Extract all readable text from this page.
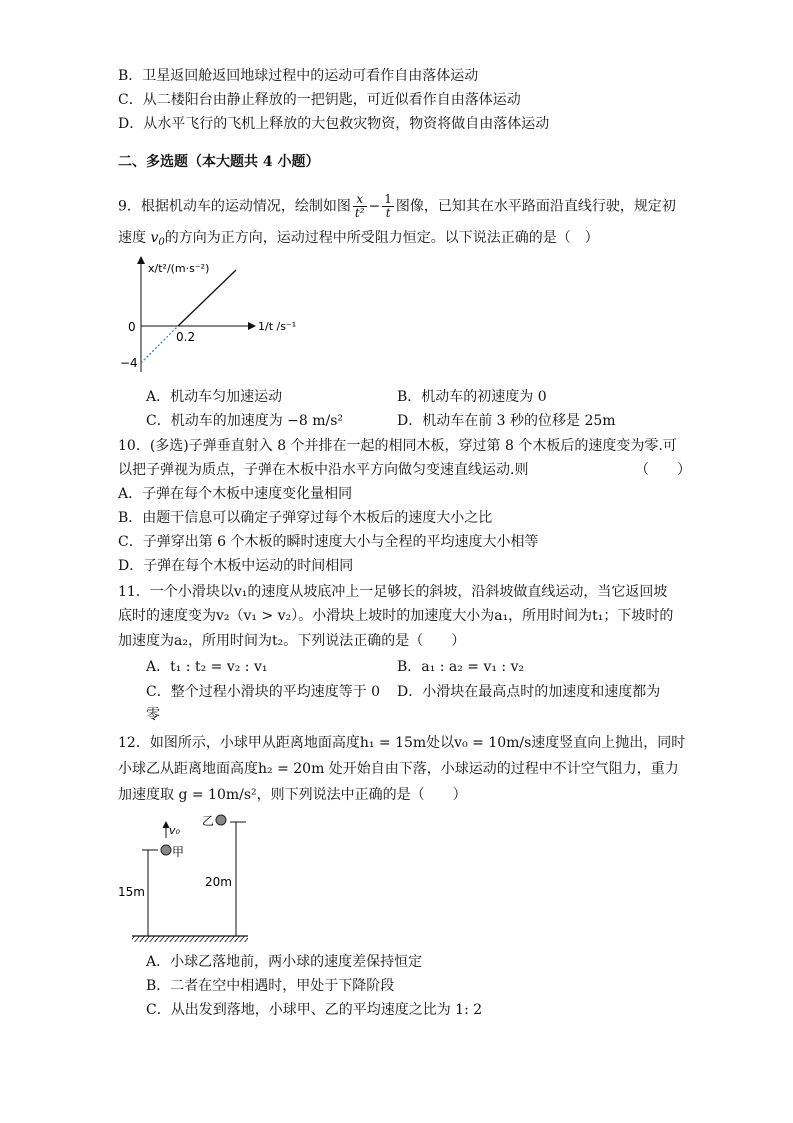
B．卫星返回舱返回地球过程中的运动可看作自由落体运动
C．从二楼阳台由静止释放的一把钥匙，可近似看作自由落体运动
D．从水平飞行的飞机上释放的大包救灾物资，物资将做自由落体运动
二、多选题（本大题共 4 小题）
9．根据机动车的运动情况，绘制如图 $\frac{x}{\text{t²}} - \frac{1}{t}$ 图像，已知其在水平路面沿直线行驶，规定初
速度 $v_0$的方向为正方向，运动过程中所受阻力恒定。以下说法正确的是（　）
x/t²/(m·s⁻²)
1/t /s⁻¹
0
0.2
−4
A．机动车匀加速运动	B．机动车的初速度为 0
C．机动车的加速度为 −8 m/s²	D．机动车在前 3 秒的位移是 25m
10．(多选)子弹垂直射入 8 个并排在一起的相同木板，穿过第 8 个木板后的速度变为零.可
以把子弹视为质点，子弹在木板中沿水平方向做匀变速直线运动.则	（　　）
A．子弹在每个木板中速度变化量相同
B．由题干信息可以确定子弹穿过每个木板后的速度大小之比
C．子弹穿出第 6 个木板的瞬时速度大小与全程的平均速度大小相等
D．子弹在每个木板中运动的时间相同
11．一个小滑块以v₁的速度从坡底冲上一足够长的斜坡，沿斜坡做直线运动，当它返回坡
底时的速度变为v₂（v₁ > v₂）。小滑块上坡时的加速度大小为a₁，所用时间为t₁；下坡时的
加速度为a₂，所用时间为t₂。下列说法正确的是（　　）
A．t₁ : t₂ = v₂ : v₁	B．a₁ : a₂ = v₁ : v₂
C．整个过程小滑块的平均速度等于 0 D．小滑块在最高点时的加速度和速度都为
零
12．如图所示，小球甲从距离地面高度h₁ = 15m处以v₀ = 10m/s速度竖直向上抛出，同时
小球乙从距离地面高度h₂ = 20m 处开始自由下落，小球运动的过程中不计空气阻力，重力
加速度取 g = 10m/s²，则下列说法中正确的是（　　）
v₀
甲
15m
乙
20m
A．小球乙落地前，两小球的速度差保持恒定
B．二者在空中相遇时，甲处于下降阶段
C．从出发到落地，小球甲、乙的平均速度之比为 1: 2
